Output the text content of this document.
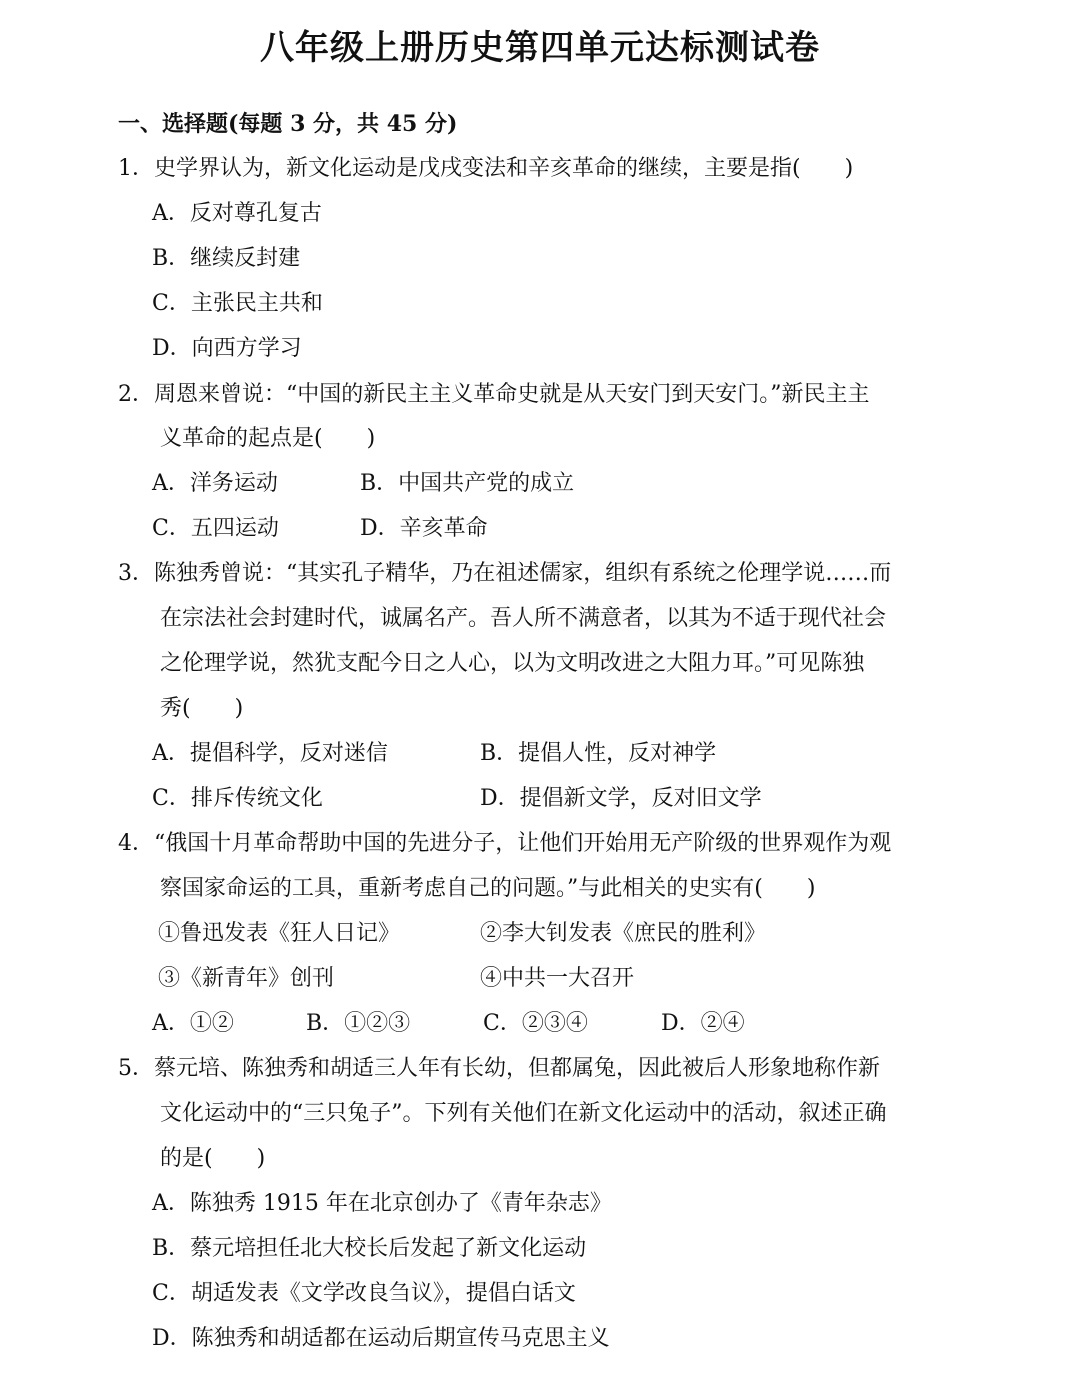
八年级上册历史第四单元达标测试卷
一、选择题(每题 3 分，共 45 分)
1．史学界认为，新文化运动是戊戌变法和辛亥革命的继续，主要是指(　　)
A．反对尊孔复古
B．继续反封建
C．主张民主共和
D．向西方学习
2．周恩来曾说：“中国的新民主主义革命史就是从天安门到天安门。”新民主主
义革命的起点是(　　)
A．洋务运动	B．中国共产党的成立
C．五四运动	D．辛亥革命
3．陈独秀曾说：“其实孔子精华，乃在祖述儒家，组织有系统之伦理学说……而
在宗法社会封建时代，诚属名产。吾人所不满意者，以其为不适于现代社会
之伦理学说，然犹支配今日之人心，以为文明改进之大阻力耳。”可见陈独
秀(　　)
A．提倡科学，反对迷信	B．提倡人性，反对神学
C．排斥传统文化	D．提倡新文学，反对旧文学
4．“俄国十月革命帮助中国的先进分子，让他们开始用无产阶级的世界观作为观
察国家命运的工具，重新考虑自己的问题。”与此相关的史实有(　　)
①鲁迅发表《狂人日记》	②李大钊发表《庶民的胜利》
③《新青年》创刊	④中共一大召开
A．①②	B．①②③	C．②③④	D．②④
5．蔡元培、陈独秀和胡适三人年有长幼，但都属兔，因此被后人形象地称作新
文化运动中的“三只兔子”。下列有关他们在新文化运动中的活动，叙述正确
的是(　　)
A．陈独秀 1915 年在北京创办了《青年杂志》
B．蔡元培担任北大校长后发起了新文化运动
C．胡适发表《文学改良刍议》，提倡白话文
D．陈独秀和胡适都在运动后期宣传马克思主义
